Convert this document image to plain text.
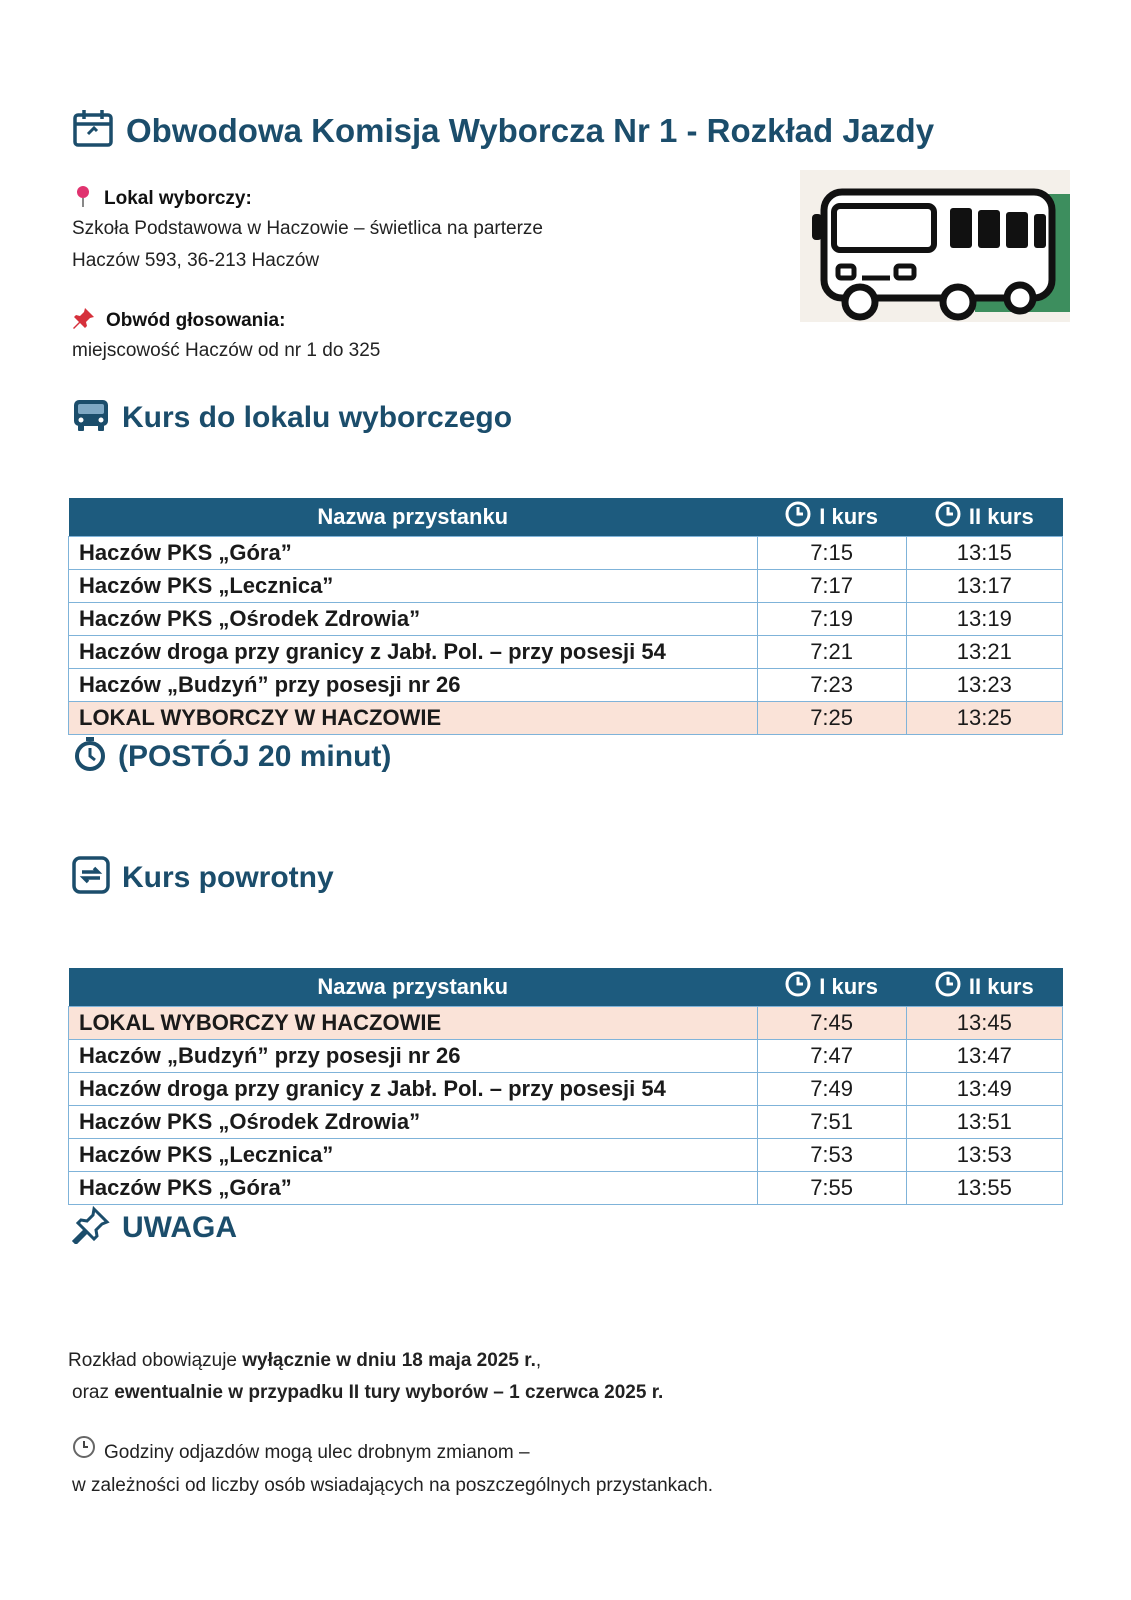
Obwodowa Komisja Wyborcza Nr 1 - Rozkład Jazdy
Lokal wyborczy:
Szkoła Podstawowa w Haczowie – świetlica na parterze
Haczów 593, 36-213 Haczów
Obwód głosowania:
miejscowość Haczów od nr 1 do 325
Kurs do lokalu wyborczego
Nazwa przystanku	I kurs	II kurs

Haczów PKS „Góra”	7:15	13:15
Haczów PKS „Lecznica”	7:17	13:17
Haczów PKS „Ośrodek Zdrowia”	7:19	13:19
Haczów droga przy granicy z Jabł. Pol. – przy posesji 54	7:21	13:21
Haczów „Budzyń” przy posesji nr 26	7:23	13:23
LOKAL WYBORCZY W HACZOWIE	7:25	13:25
(POSTÓJ 20 minut)
Kurs powrotny
Nazwa przystanku	I kurs	II kurs

LOKAL WYBORCZY W HACZOWIE	7:45	13:45
Haczów „Budzyń” przy posesji nr 26	7:47	13:47
Haczów droga przy granicy z Jabł. Pol. – przy posesji 54	7:49	13:49
Haczów PKS „Ośrodek Zdrowia”	7:51	13:51
Haczów PKS „Lecznica”	7:53	13:53
Haczów PKS „Góra”	7:55	13:55
UWAGA

Rozkład obowiązuje wyłącznie w dniu 18 maja 2025 r.,

oraz ewentualnie w przypadku II tury wyborów – 1 czerwca 2025 r.

Godziny odjazdów mogą ulec drobnym zmianom –

w zależności od liczby osób wsiadających na poszczególnych przystankach.
